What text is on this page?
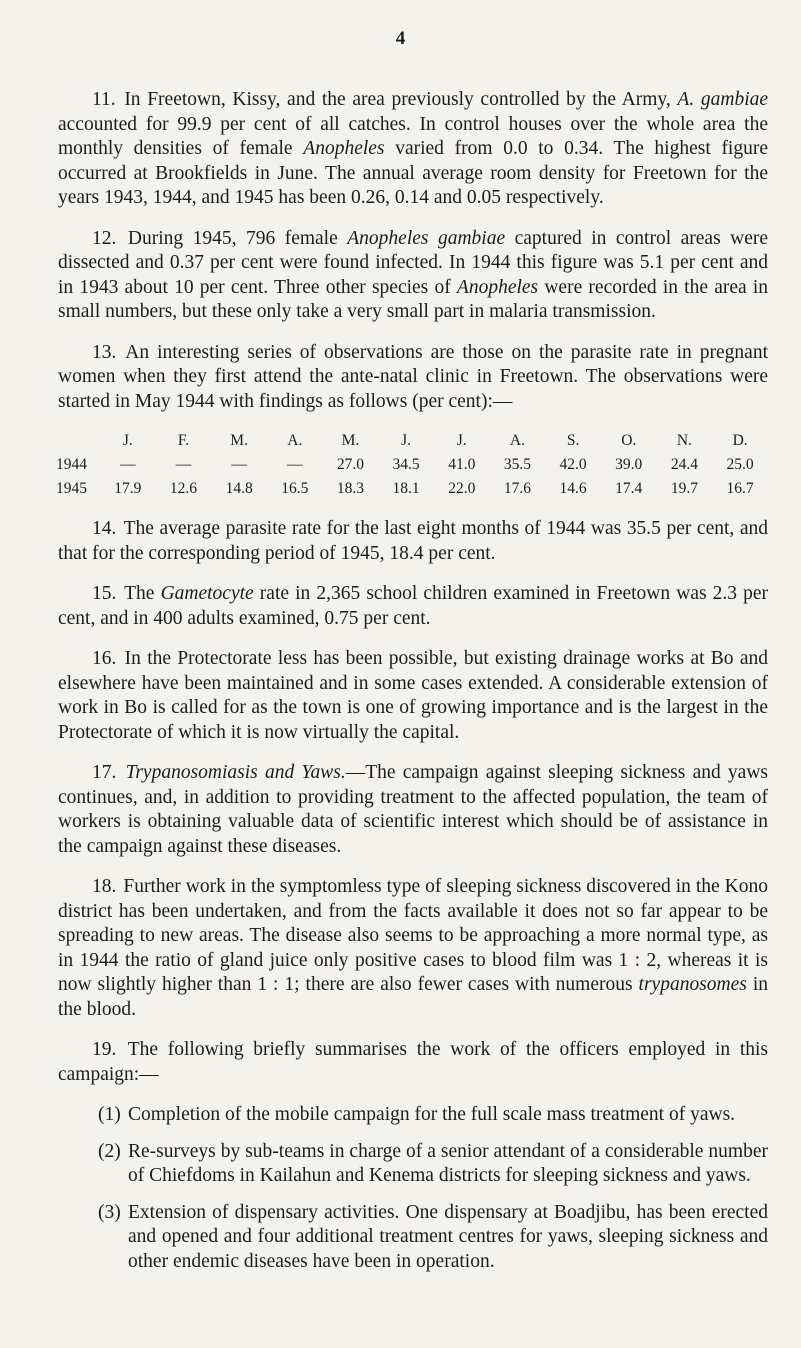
4

11. In Freetown, Kissy, and the area previously controlled by the Army, A. gambiae accounted for 99.9 per cent of all catches. In control houses over the whole area the monthly densities of female Anopheles varied from 0.0 to 0.34. The highest figure occurred at Brookfields in June. The annual average room density for Freetown for the years 1943, 1944, and 1945 has been 0.26, 0.14 and 0.05 respectively.

12. During 1945, 796 female Anopheles gambiae captured in control areas were dissected and 0.37 per cent were found infected. In 1944 this figure was 5.1 per cent and in 1943 about 10 per cent. Three other species of Anopheles were recorded in the area in small numbers, but these only take a very small part in malaria transmission.

13. An interesting series of observations are those on the parasite rate in pregnant women when they first attend the ante-natal clinic in Freetown. The observations were started in May 1944 with findings as follows (per cent):—

	J.	F.	M.	A.	M.	J.	J.	A.	S.	O.	N.	D.
1944	—	—	—	—	27.0	34.5	41.0	35.5	42.0	39.0	24.4	25.0
1945	17.9	12.6	14.8	16.5	18.3	18.1	22.0	17.6	14.6	17.4	19.7	16.7

14. The average parasite rate for the last eight months of 1944 was 35.5 per cent, and that for the corresponding period of 1945, 18.4 per cent.

15. The Gametocyte rate in 2,365 school children examined in Freetown was 2.3 per cent, and in 400 adults examined, 0.75 per cent.

16. In the Protectorate less has been possible, but existing drainage works at Bo and elsewhere have been maintained and in some cases extended. A considerable extension of work in Bo is called for as the town is one of growing importance and is the largest in the Protectorate of which it is now virtually the capital.

17. Trypanosomiasis and Yaws.—The campaign against sleeping sickness and yaws continues, and, in addition to providing treatment to the affected population, the team of workers is obtaining valuable data of scientific interest which should be of assistance in the campaign against these diseases.

18. Further work in the symptomless type of sleeping sickness discovered in the Kono district has been undertaken, and from the facts available it does not so far appear to be spreading to new areas. The disease also seems to be approaching a more normal type, as in 1944 the ratio of gland juice only positive cases to blood film was 1 : 2, whereas it is now slightly higher than 1 : 1; there are also fewer cases with numerous trypanosomes in the blood.

19. The following briefly summarises the work of the officers employed in this campaign:—

(1) Completion of the mobile campaign for the full scale mass treatment of yaws.
(2) Re-surveys by sub-teams in charge of a senior attendant of a considerable number of Chiefdoms in Kailahun and Kenema districts for sleeping sickness and yaws.
(3) Extension of dispensary activities. One dispensary at Boadjibu, has been erected and opened and four additional treatment centres for yaws, sleeping sickness and other endemic diseases have been in operation.
